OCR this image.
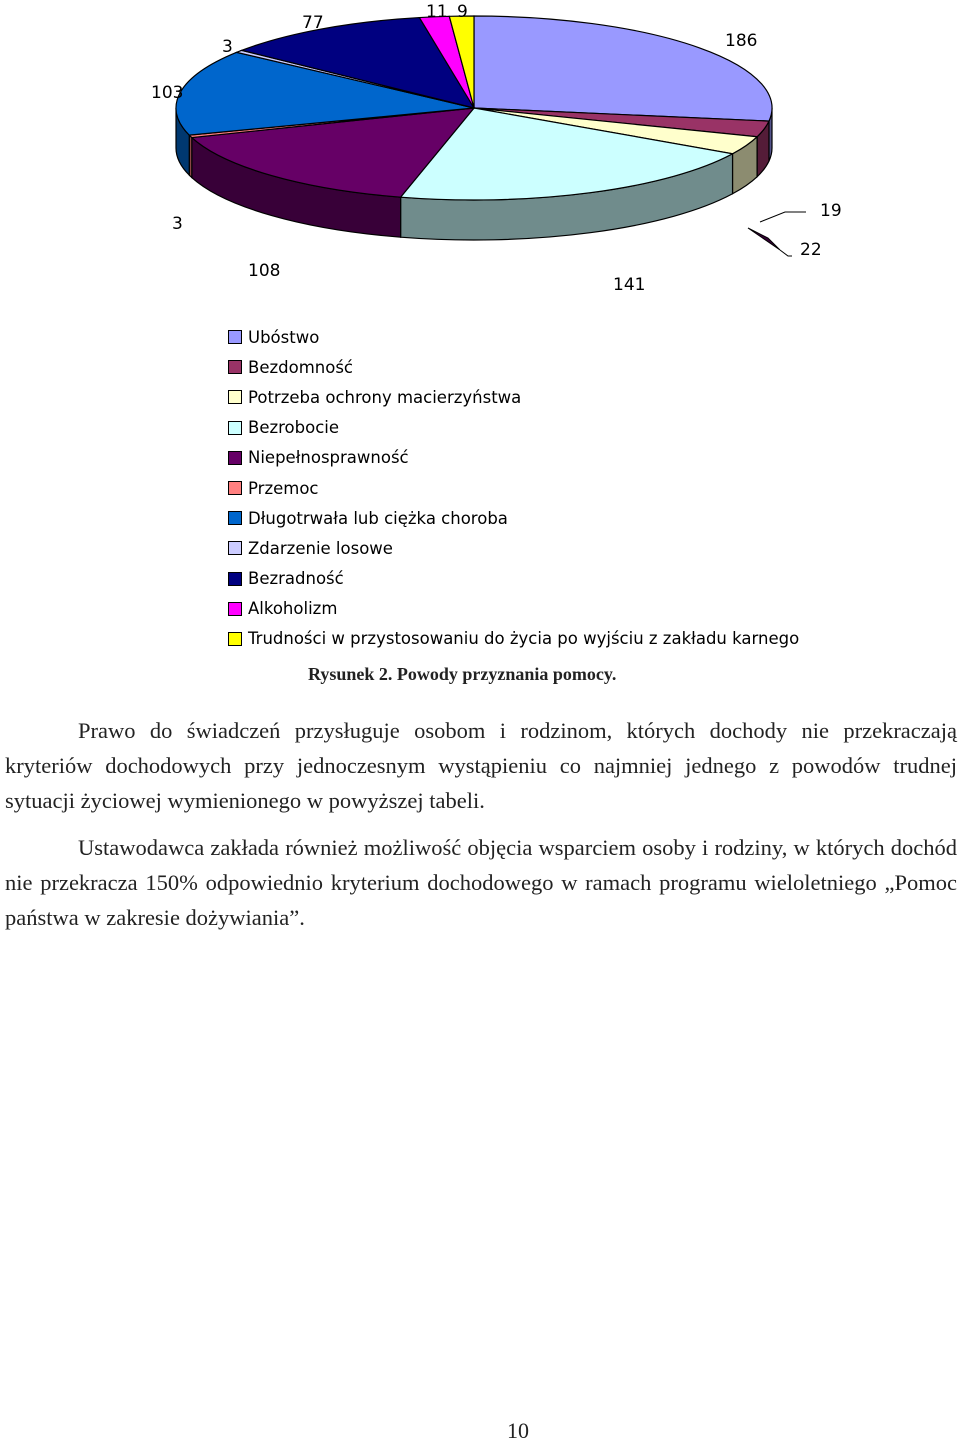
186
19
22
141
108
3
103
3
77
11 9
Ubóstwo
Bezdomność
Potrzeba ochrony macierzyństwa
Bezrobocie
Niepełnosprawność
Przemoc
Długotrwała lub ciężka choroba
Zdarzenie losowe
Bezradność
Alkoholizm
Trudności w przystosowaniu do życia po wyjściu z zakładu karnego
Rysunek 2. Powody przyznania pomocy.

Prawo do świadczeń przysługuje osobom i rodzinom, których dochody nie przekraczają kryteriów dochodowych przy jednoczesnym wystąpieniu co najmniej jednego z powodów trudnej sytuacji życiowej wymienionego w powyższej tabeli.

Ustawodawca zakłada również możliwość objęcia wsparciem osoby i rodziny, w których dochód nie przekracza 150% odpowiednio kryterium dochodowego w ramach programu wieloletniego „Pomoc państwa w zakresie dożywiania”.

10
